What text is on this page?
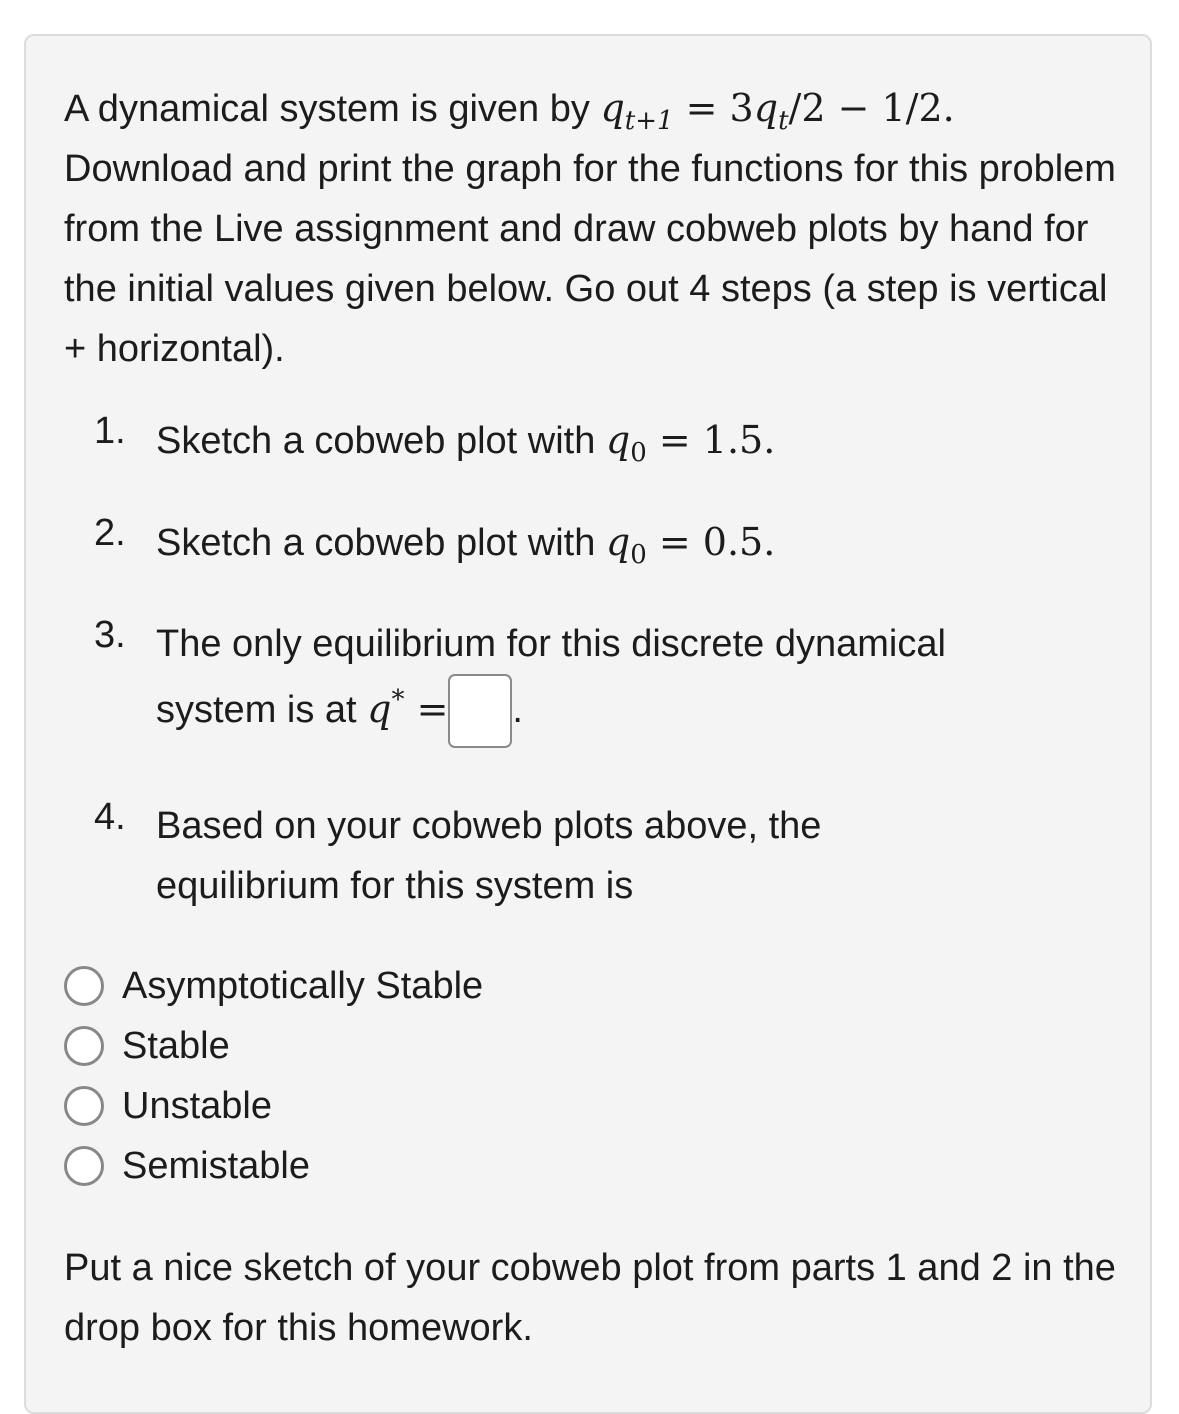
A dynamical system is given by $q_{t+1} = 3q_t/2 - 1/2$. Download and print the graph for the functions for this problem from the Live assignment and draw cobweb plots by hand for the initial values given below. Go out 4 steps (a step is vertical + horizontal).
1. Sketch a cobweb plot with $q_0 = 1.5$.
2. Sketch a cobweb plot with $q_0 = 0.5$.
3. The only equilibrium for this discrete dynamical
system is at q* = .
4. Based on your cobweb plots above, the equilibrium for this system is
Asymptotically Stable
Stable
Unstable
Semistable
Put a nice sketch of your cobweb plot from parts 1 and 2 in the drop box for this homework.
